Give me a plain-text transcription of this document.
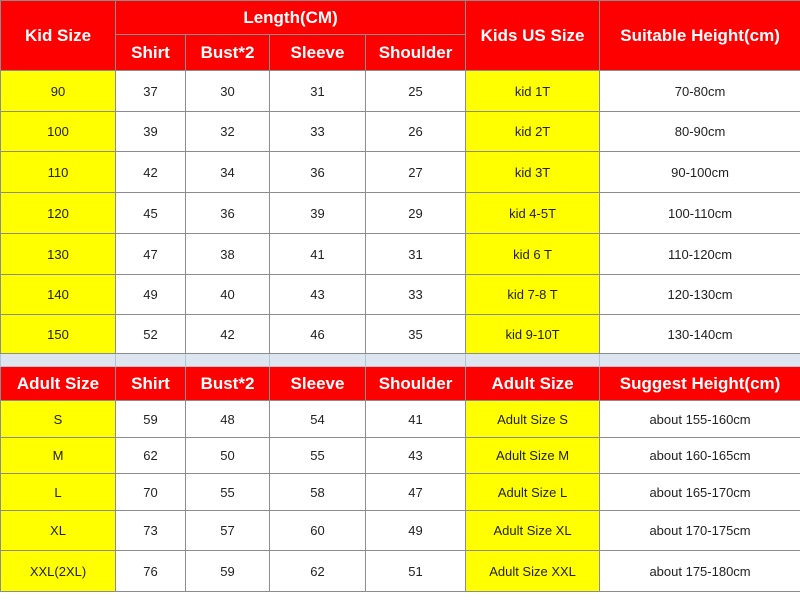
Kid Size	Length(CM)				Kids US Size	Suitable Height(cm)
	Shirt	Bust*2	Sleeve	Shoulder		
90	37	30	31	25	kid 1T	70-80cm
100	39	32	33	26	kid 2T	80-90cm
110	42	34	36	27	kid 3T	90-100cm
120	45	36	39	29	kid 4-5T	100-110cm
130	47	38	41	31	kid 6 T	110-120cm
140	49	40	43	33	kid 7-8 T	120-130cm
150	52	42	46	35	kid 9-10T	130-140cm

Adult Size	Shirt	Bust*2	Sleeve	Shoulder	Adult Size	Suggest Height(cm)
S	59	48	54	41	Adult Size S	about 155-160cm
M	62	50	55	43	Adult Size M	about 160-165cm
L	70	55	58	47	Adult Size L	about 165-170cm
XL	73	57	60	49	Adult Size XL	about 170-175cm
XXL(2XL)	76	59	62	51	Adult Size XXL	about 175-180cm
